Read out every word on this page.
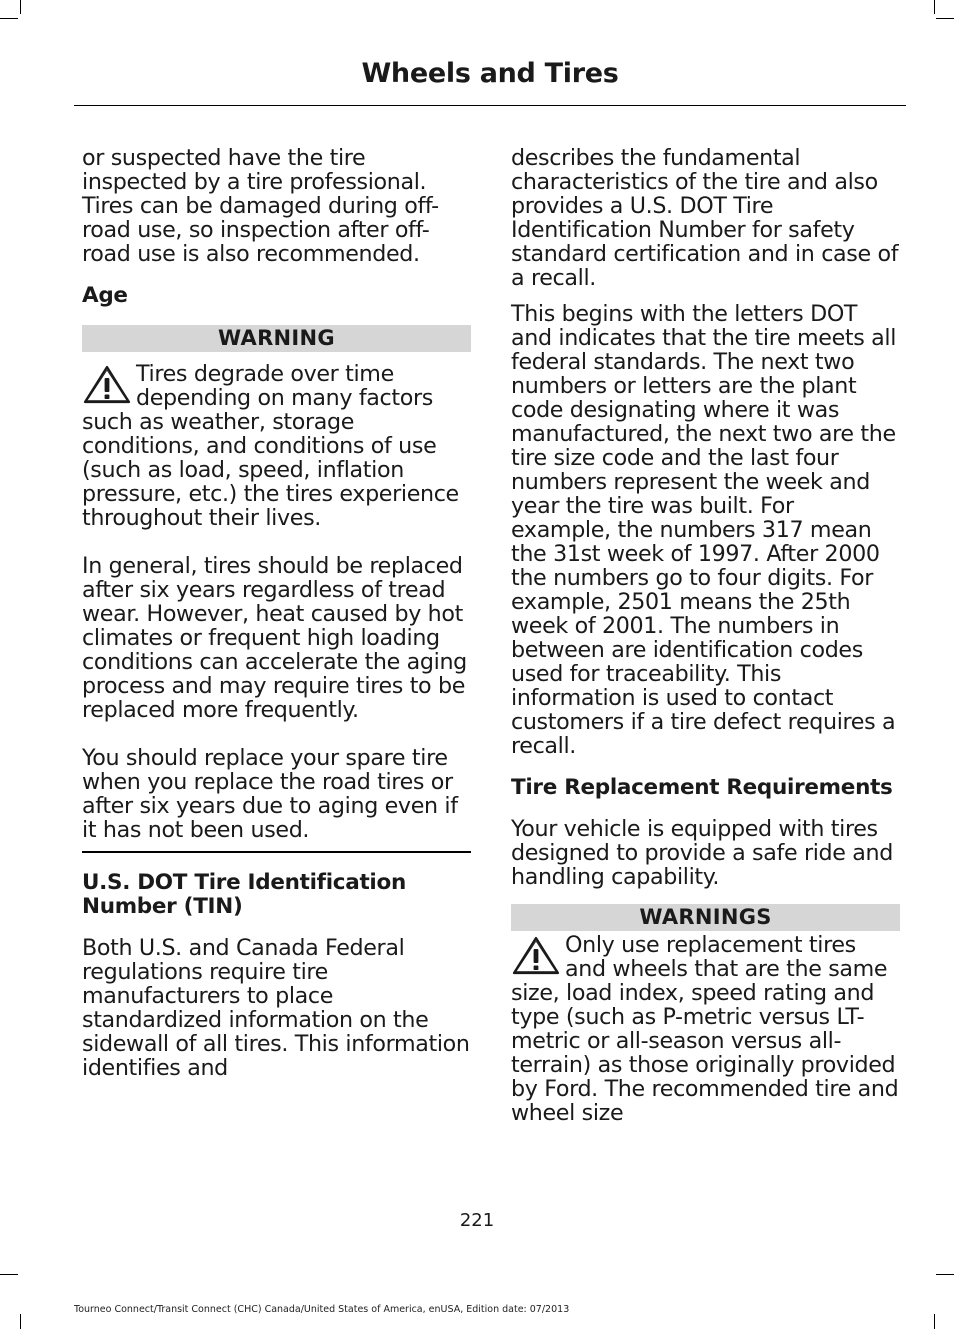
Wheels and Tires

or suspected have the tire inspected by a tire professional. Tires can be damaged during off-road use, so inspection after off-road use is also recommended.

Age
WARNING

Tires degrade over time depending on many factors such as weather, storage conditions, and conditions of use (such as load, speed, inflation pressure, etc.) the tires experience throughout their lives.

In general, tires should be replaced after six years regardless of tread wear. However, heat caused by hot climates or frequent high loading conditions can accelerate the aging process and may require tires to be replaced more frequently.

You should replace your spare tire when you replace the road tires or after six years due to aging even if it has not been used.

U.S. DOT Tire Identification Number (TIN)

Both U.S. and Canada Federal regulations require tire manufacturers to place standardized information on the sidewall of all tires. This information identifies and

describes the fundamental characteristics of the tire and also provides a U.S. DOT Tire Identification Number for safety standard certification and in case of a recall.

This begins with the letters DOT and indicates that the tire meets all federal standards. The next two numbers or letters are the plant code designating where it was manufactured, the next two are the tire size code and the last four numbers represent the week and year the tire was built. For example, the numbers 317 mean the 31st week of 1997. After 2000 the numbers go to four digits. For example, 2501 means the 25th week of 2001. The numbers in between are identification codes used for traceability. This information is used to contact customers if a tire defect requires a recall.

Tire Replacement Requirements

Your vehicle is equipped with tires designed to provide a safe ride and handling capability.

WARNINGS

Only use replacement tires and wheels that are the same size, load index, speed rating and type (such as P-metric versus LT-metric or all-season versus all-terrain) as those originally provided by Ford. The recommended tire and wheel size

221
Tourneo Connect/Transit Connect (CHC) Canada/United States of America, enUSA, Edition date: 07/2013
